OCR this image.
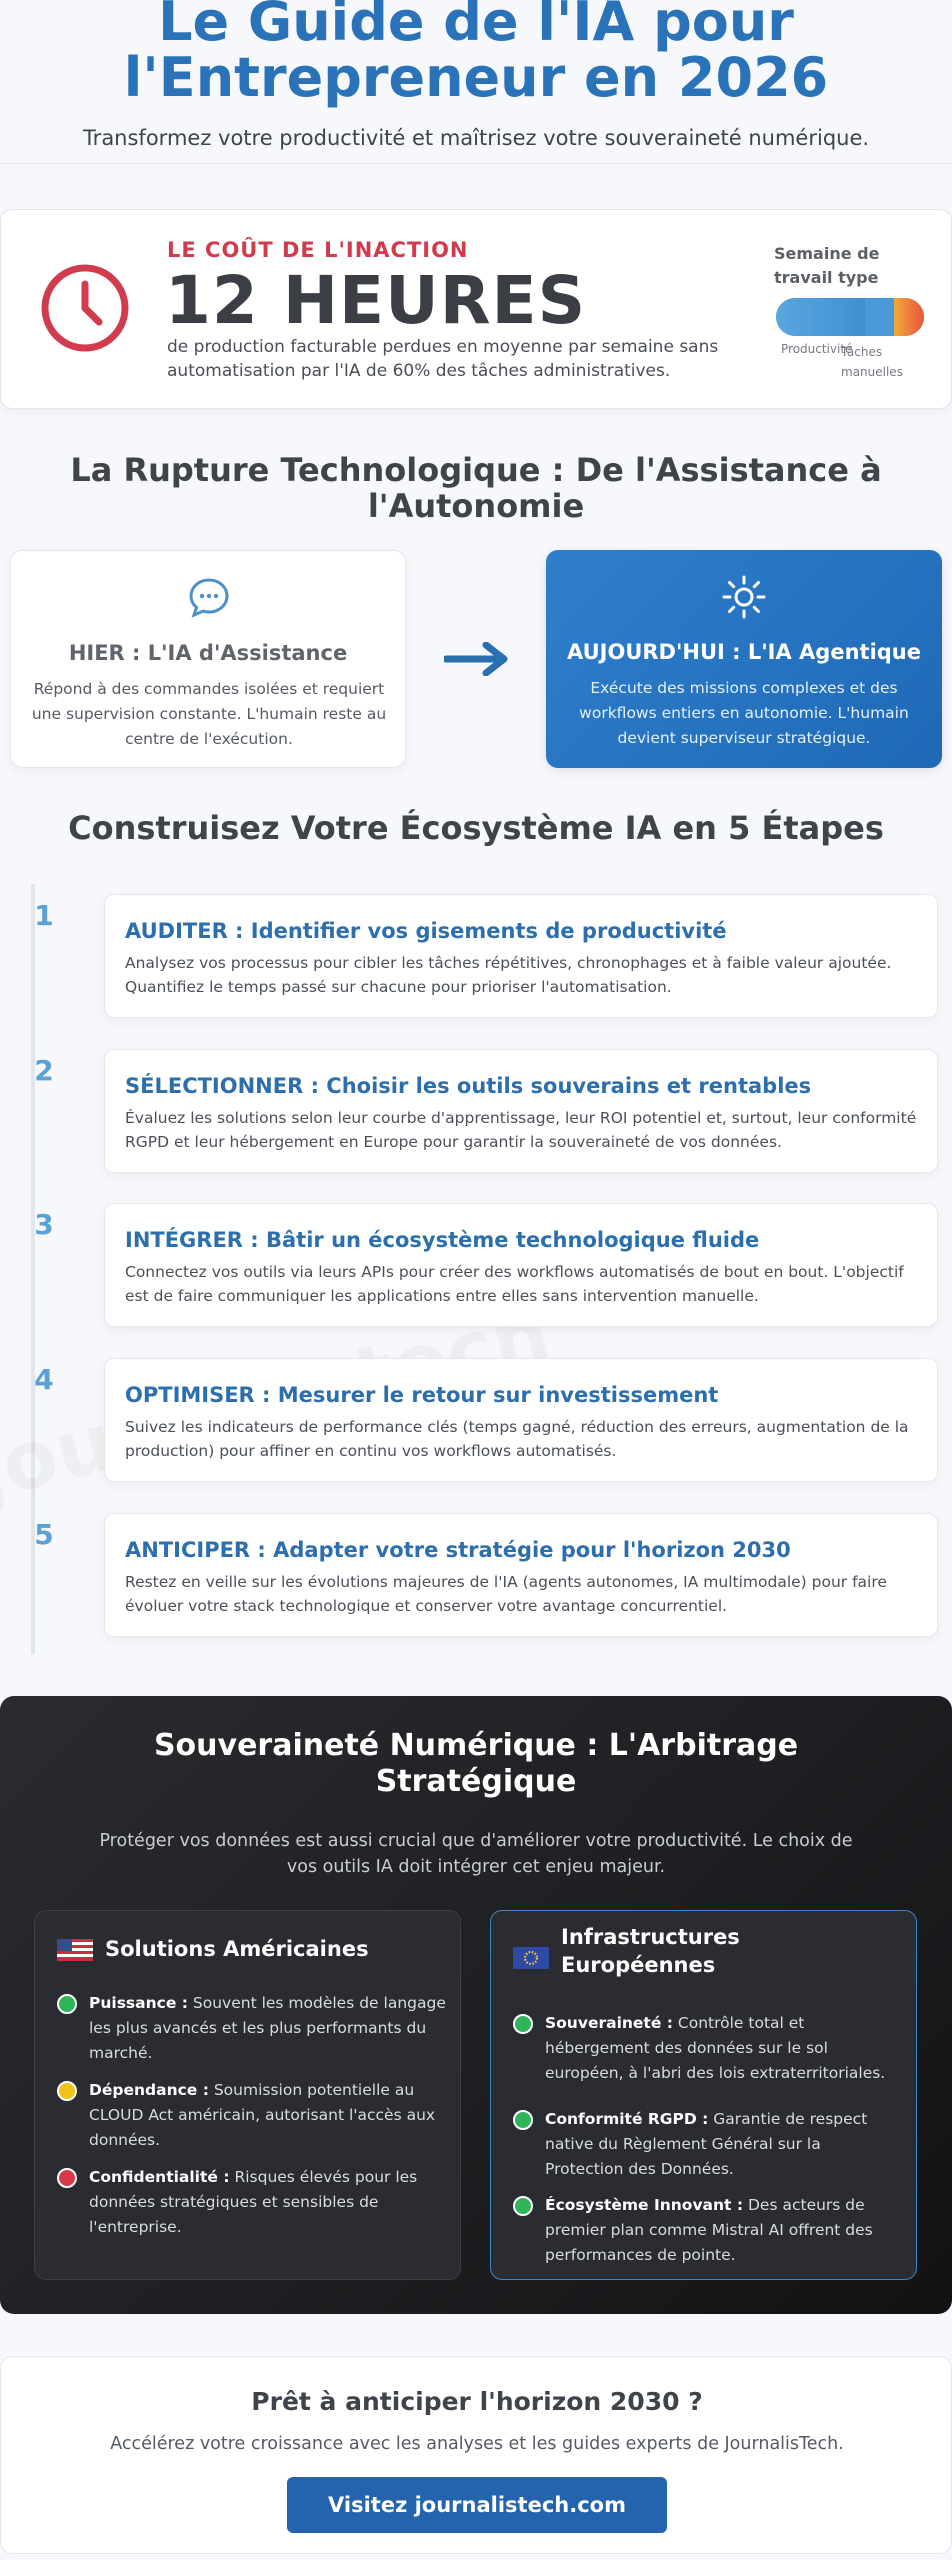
Le Guide de l'IA pour
l'Entrepreneur en 2026
Transformez votre productivité et maîtrisez votre souveraineté numérique.
LE COÛT DE L'INACTION
12 HEURES
de production facturable perdues en moyenne par semaine sans automatisation par l'IA de 60% des tâches administratives.
Semaine de travail type
Productivité
Tâches manuelles
La Rupture Technologique : De l'Assistance à l'Autonomie
HIER : L'IA d'Assistance
Répond à des commandes isolées et requiert une supervision constante. L'humain reste au centre de l'exécution.
AUJOURD'HUI : L'IA Agentique
Exécute des missions complexes et des workflows entiers en autonomie. L'humain devient superviseur stratégique.
Construisez Votre Écosystème IA en 5 Étapes
1	AUDITER : Identifier vos gisements de productivité
Analysez vos processus pour cibler les tâches répétitives, chronophages et à faible valeur ajoutée. Quantifiez le temps passé sur chacune pour prioriser l'automatisation.
2	SÉLECTIONNER : Choisir les outils souverains et rentables
Évaluez les solutions selon leur courbe d'apprentissage, leur ROI potentiel et, surtout, leur conformité RGPD et leur hébergement en Europe pour garantir la souveraineté de vos données.
3	INTÉGRER : Bâtir un écosystème technologique fluide
Connectez vos outils via leurs APIs pour créer des workflows automatisés de bout en bout. L'objectif est de faire communiquer les applications entre elles sans intervention manuelle.
4	OPTIMISER : Mesurer le retour sur investissement
Suivez les indicateurs de performance clés (temps gagné, réduction des erreurs, augmentation de la production) pour affiner en continu vos workflows automatisés.
5	ANTICIPER : Adapter votre stratégie pour l'horizon 2030
Restez en veille sur les évolutions majeures de l'IA (agents autonomes, IA multimodale) pour faire évoluer votre stack technologique et conserver votre avantage concurrentiel.
Souveraineté Numérique : L'Arbitrage Stratégique
Protéger vos données est aussi crucial que d'améliorer votre productivité. Le choix de vos outils IA doit intégrer cet enjeu majeur.
Solutions Américaines
Puissance : Souvent les modèles de langage les plus avancés et les plus performants du marché.
Dépendance : Soumission potentielle au CLOUD Act américain, autorisant l'accès aux données.
Confidentialité : Risques élevés pour les données stratégiques et sensibles de l'entreprise.
Infrastructures Européennes
Souveraineté : Contrôle total et hébergement des données sur le sol européen, à l'abri des lois extraterritoriales.
Conformité RGPD : Garantie de respect native du Règlement Général sur la Protection des Données.
Écosystème Innovant : Des acteurs de premier plan comme Mistral AI offrent des performances de pointe.
Prêt à anticiper l'horizon 2030 ?
Accélérez votre croissance avec les analyses et les guides experts de JournalisTech.
Visitez journalistech.com
